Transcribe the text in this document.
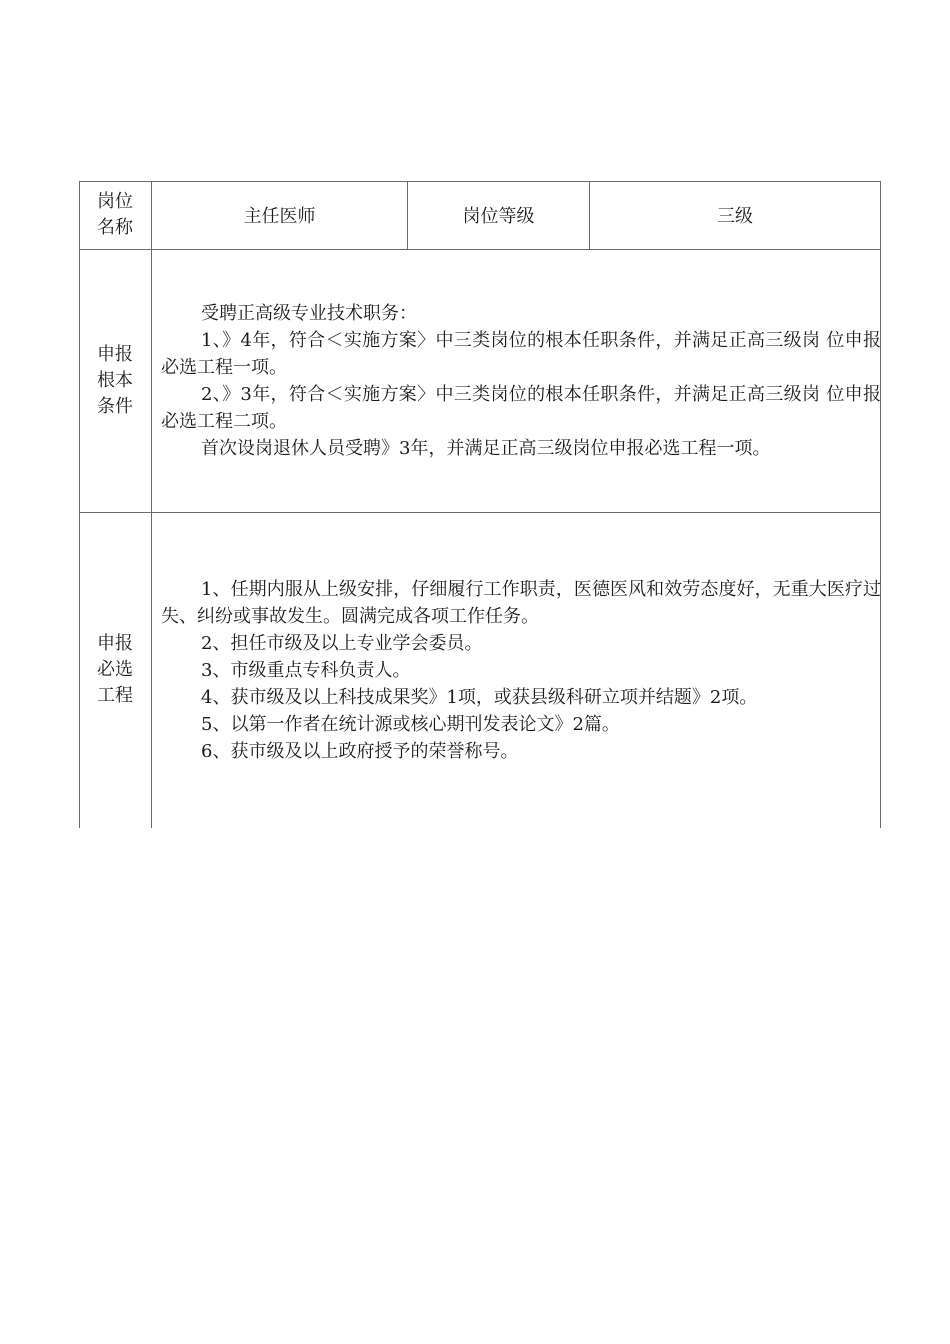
岗位名称
主任医师	岗位等级	三级
申报根本条件

受聘正高级专业技术职务：

1、》4年，符合＜实施方案〉中三类岗位的根本任职条件，并满足正高三级岗 位申报必选工程一项。

2、》3年，符合＜实施方案〉中三类岗位的根本任职条件，并满足正高三级岗 位申报必选工程二项。

首次设岗退休人员受聘》3年，并满足正高三级岗位申报必选工程一项。

申报必选工程

1、任期内服从上级安排，仔细履行工作职责，医德医风和效劳态度好，无重大医疗过失、纠纷或事故发生。圆满完成各项工作任务。

2、担任市级及以上专业学会委员。

3、市级重点专科负责人。

4、获市级及以上科技成果奖》1项，或获县级科研立项并结题》2项。

5、以第一作者在统计源或核心期刊发表论文》2篇。

6、获市级及以上政府授予的荣誉称号。
